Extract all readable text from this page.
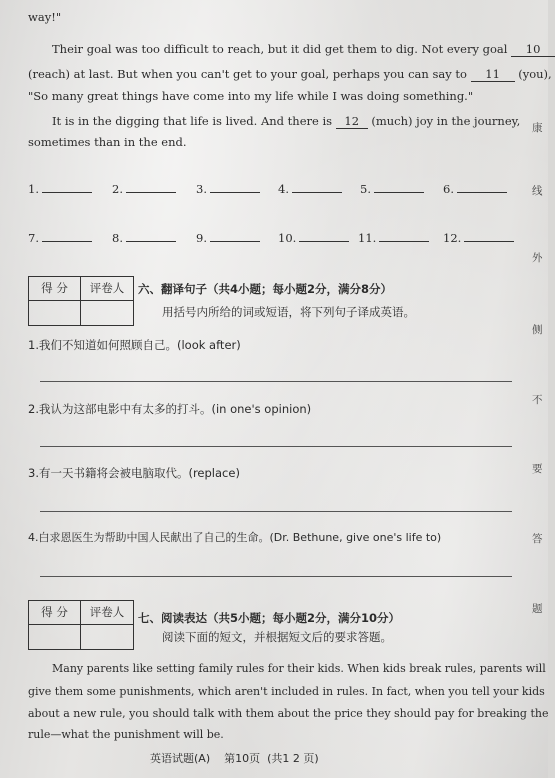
way!"
Their goal was too difficult to reach, but it did get them to dig. Not every goal 10
(reach) at last. But when you can't get to your goal, perhaps you can say to 11 (you),
"So many great things have come into my life while I was doing something."
It is in the digging that life is lived. And there is 12 (much) joy in the journey,
sometimes than in the end.
1.	2.	3.	4.	5.	6.
7.	8.	9.	10.	11.	12.
得 分	评卷人	六、翻译句子（共4小题；每小题2分，满分8分）
用括号内所给的词或短语，将下列句子译成英语。
1.我们不知道如何照顾自己。(look after)
2.我认为这部电影中有太多的打斗。(in one's opinion)
3.有一天书籍将会被电脑取代。(replace)
4.白求恩医生为帮助中国人民献出了自己的生命。(Dr. Bethune, give one's life to)
得 分	评卷人	七、阅读表达（共5小题；每小题2分，满分10分）
阅读下面的短文，并根据短文后的要求答题。
Many parents like setting family rules for their kids. When kids break rules, parents will
give them some punishments, which aren't included in rules. In fact, when you tell your kids
about a new rule, you should talk with them about the price they should pay for breaking the
rule—what the punishment will be.
英语试题(A)    第10页  (共1 2 页)
康
线
外
侧
不
要
答
题
